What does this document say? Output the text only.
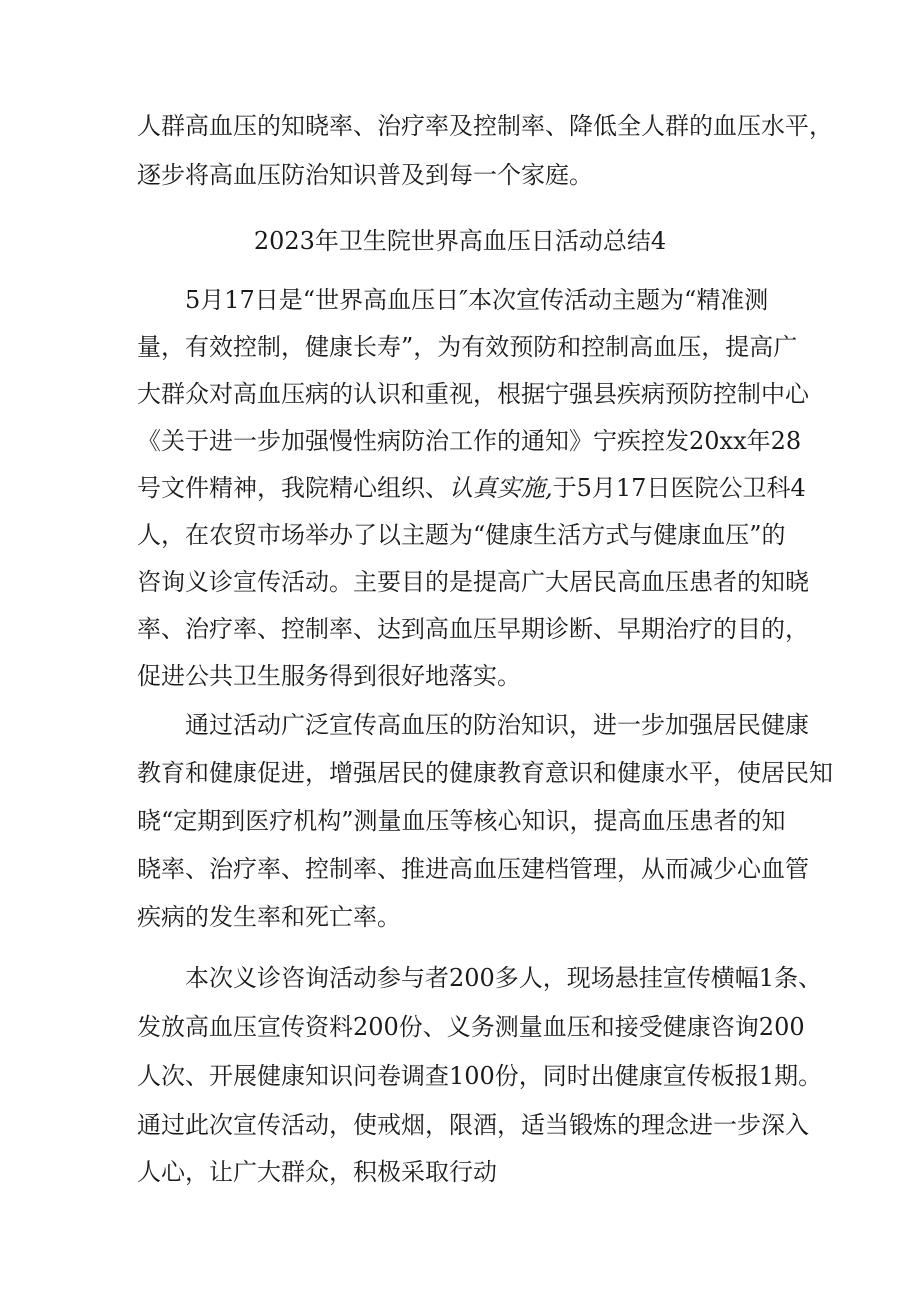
人群高血压的知晓率、治疗率及控制率、降低全人群的血压水平，
逐步将高血压防治知识普及到每一个家庭。
2023年卫生院世界高血压日活动总结4
5月17日是“世界高血压日″本次宣传活动主题为“精准测
量，有效控制，健康长寿”，为有效预防和控制高血压，提高广
大群众对高血压病的认识和重视，根据宁强县疾病预防控制中心
《关于进一步加强慢性病防治工作的通知》宁疾控发20xx年28
号文件精神，我院精心组织、认真实施,于5月17日医院公卫科4
人，在农贸市场举办了以主题为“健康生活方式与健康血压”的
咨询义诊宣传活动。主要目的是提高广大居民高血压患者的知晓
率、治疗率、控制率、达到高血压早期诊断、早期治疗的目的，
促进公共卫生服务得到很好地落实。
通过活动广泛宣传高血压的防治知识，进一步加强居民健康
教育和健康促进，增强居民的健康教育意识和健康水平，使居民知
晓“定期到医疗机构”测量血压等核心知识，提高血压患者的知
晓率、治疗率、控制率、推进高血压建档管理，从而减少心血管
疾病的发生率和死亡率。
本次义诊咨询活动参与者200多人，现场悬挂宣传横幅1条、
发放高血压宣传资料200份、义务测量血压和接受健康咨询200
人次、开展健康知识问卷调查100份，同时出健康宣传板报1期。
通过此次宣传活动，使戒烟，限酒，适当锻炼的理念进一步深入
人心，让广大群众，积极采取行动
